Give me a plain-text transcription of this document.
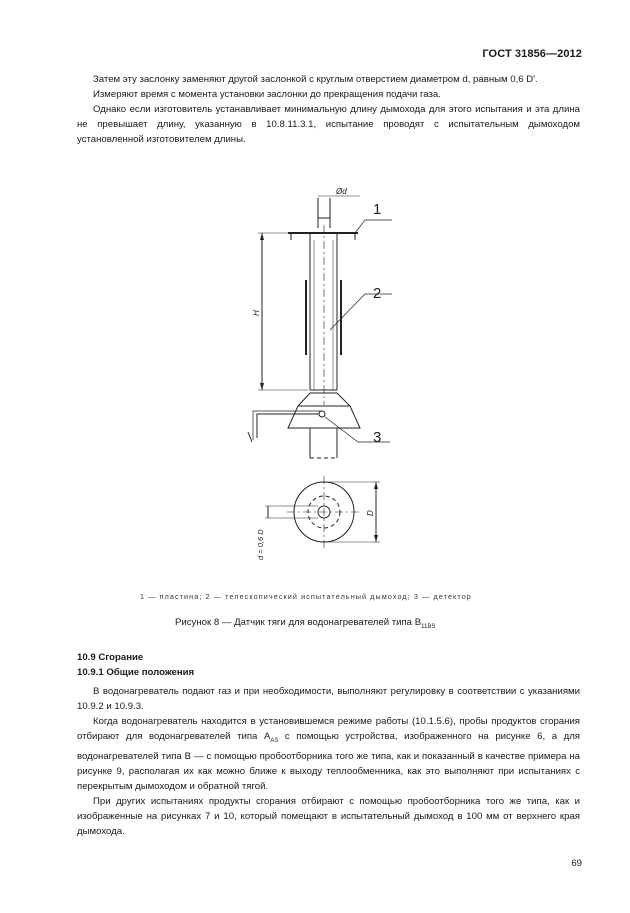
ГОСТ 31856—2012

Затем эту заслонку заменяют другой заслонкой с круглым отверстием диаметром d, равным 0,6 D′.

Измеряют время с момента установки заслонки до прекращения подачи газа.

Однако если изготовитель устанавливает минимальную длину дымохода для этого испытания и эта длина не превышает длину, указанную в 10.8.11.3.1, испытание проводят с испытательным дымоходом установленной изготовителем длины.

Ød
1
2
3
H
D
d = 0,6 D
1 — пластина; 2 — телескопический испытательный дымоход; 3 — детектор
Рисунок 8 — Датчик тяги для водонагревателей типа $B_{11BS}$
10.9 Сгорание
10.9.1 Общие положения

В водонагреватель подают газ и при необходимости, выполняют регулировку в соответствии с указаниями 10.9.2 и 10.9.3.

Когда водонагреватель находится в установившемся режиме работы (10.1.5.6), пробы продуктов сгорания отбирают для водонагревателей типа $A_{AS}$ с помощью устройства, изображенного на рисунке 6, а для водонагревателей типа B — с помощью пробоотборника того же типа, как и показанный в качестве примера на рисунке 9, располагая их как можно ближе к выходу теплообменника, как это выполняют при испытаниях с перекрытым дымоходом и обратной тягой.

При других испытаниях продукты сгорания отбирают с помощью пробоотборника того же типа, как и изображенные на рисунках 7 и 10, который помещают в испытательный дымоход в 100 мм от верхнего края дымохода.

69
